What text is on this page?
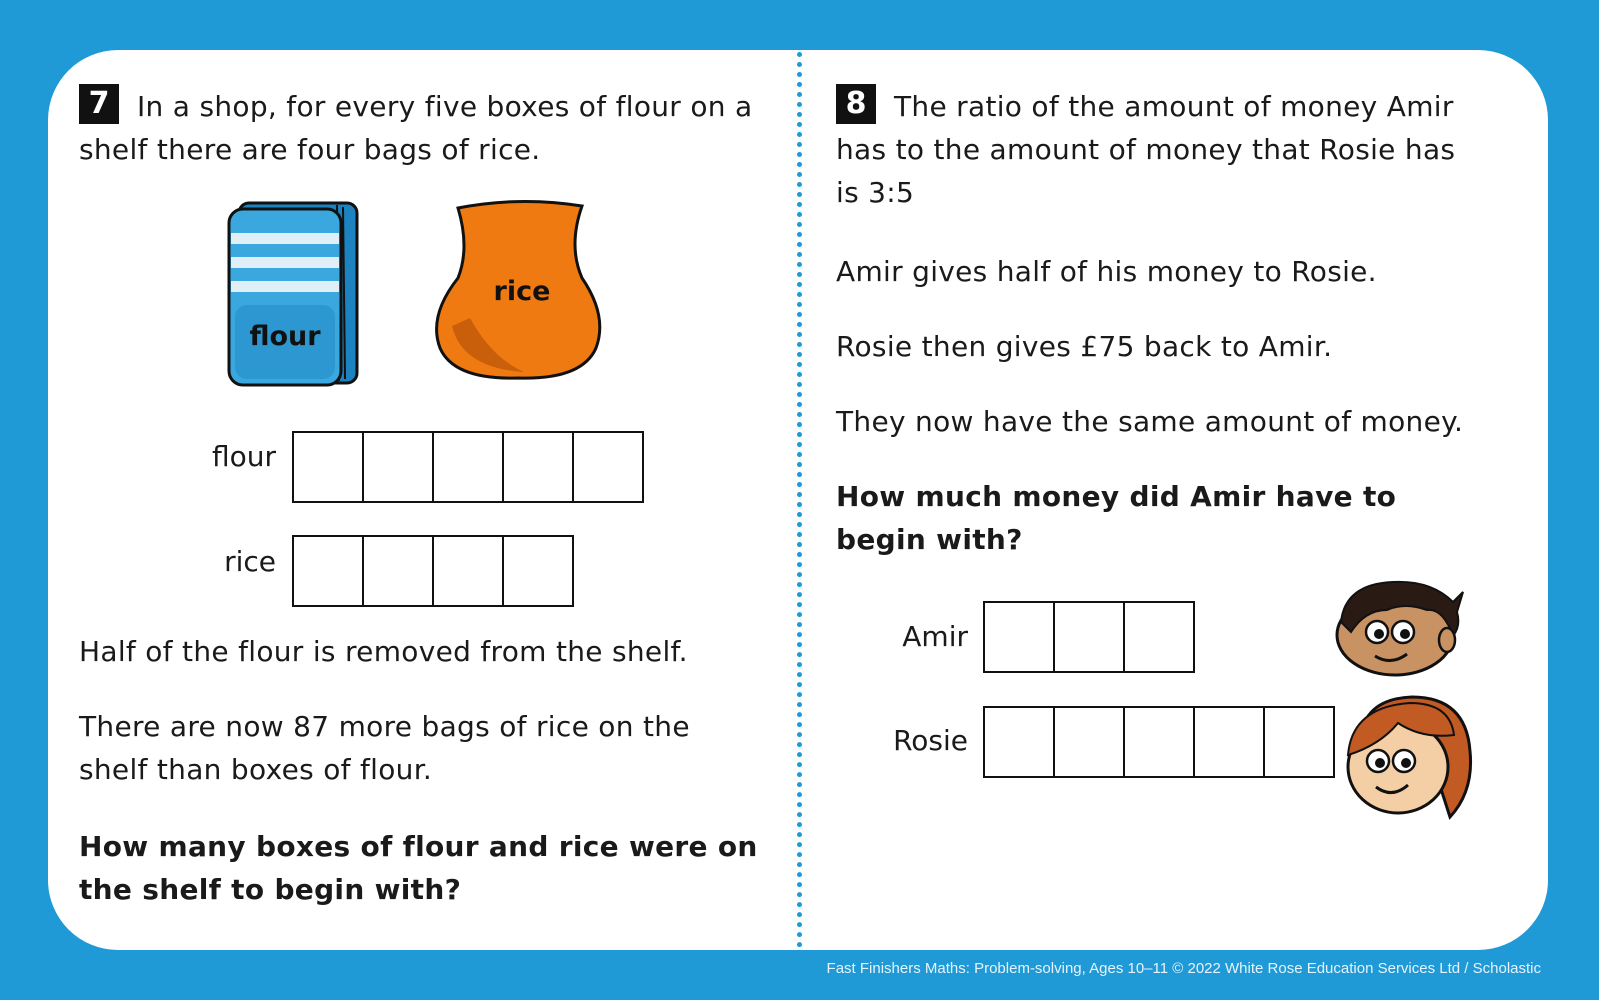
7 In a shop, for every five boxes of flour on a shelf there are four bags of rice.

flour
rice
flour
rice

Half of the flour is removed from the shelf.

There are now 87 more bags of rice on the shelf than boxes of flour.

How many boxes of flour and rice were on the shelf to begin with?

8 The ratio of the amount of money Amir has to the amount of money that Rosie has is 3:5

Amir gives half of his money to Rosie.

Rosie then gives £75 back to Amir.

They now have the same amount of money.

How much money did Amir have to begin with?

Amir
Rosie
Fast Finishers Maths: Problem-solving, Ages 10–11 © 2022 White Rose Education Services Ltd / Scholastic
